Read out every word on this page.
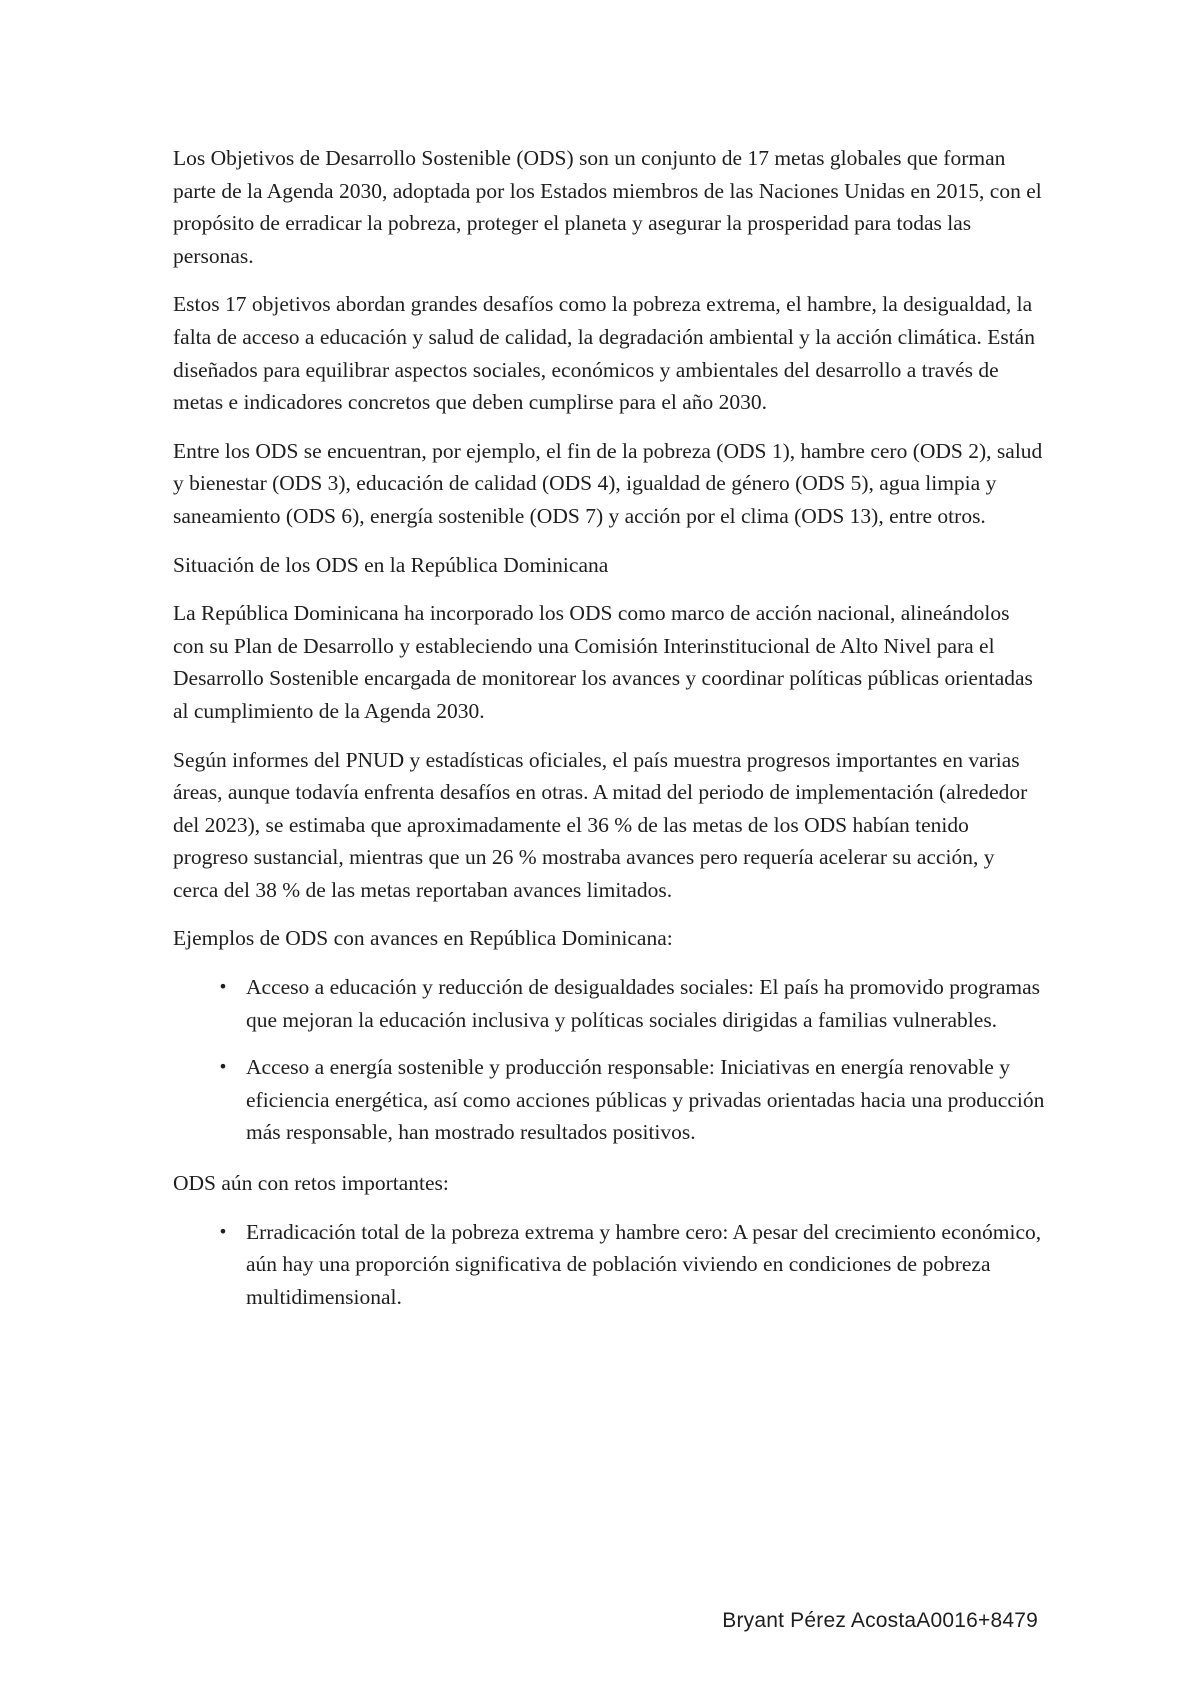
Los Objetivos de Desarrollo Sostenible (ODS) son un conjunto de 17 metas globales que forman parte de la Agenda 2030, adoptada por los Estados miembros de las Naciones Unidas en 2015, con el propósito de erradicar la pobreza, proteger el planeta y asegurar la prosperidad para todas las personas.

Estos 17 objetivos abordan grandes desafíos como la pobreza extrema, el hambre, la desigualdad, la falta de acceso a educación y salud de calidad, la degradación ambiental y la acción climática. Están diseñados para equilibrar aspectos sociales, económicos y ambientales del desarrollo a través de metas e indicadores concretos que deben cumplirse para el año 2030.

Entre los ODS se encuentran, por ejemplo, el fin de la pobreza (ODS 1), hambre cero (ODS 2), salud y bienestar (ODS 3), educación de calidad (ODS 4), igualdad de género (ODS 5), agua limpia y saneamiento (ODS 6), energía sostenible (ODS 7) y acción por el clima (ODS 13), entre otros.

Situación de los ODS en la República Dominicana

La República Dominicana ha incorporado los ODS como marco de acción nacional, alineándolos con su Plan de Desarrollo y estableciendo una Comisión Interinstitucional de Alto Nivel para el Desarrollo Sostenible encargada de monitorear los avances y coordinar políticas públicas orientadas al cumplimiento de la Agenda 2030.

Según informes del PNUD y estadísticas oficiales, el país muestra progresos importantes en varias áreas, aunque todavía enfrenta desafíos en otras. A mitad del periodo de implementación (alrededor del 2023), se estimaba que aproximadamente el 36 % de las metas de los ODS habían tenido progreso sustancial, mientras que un 26 % mostraba avances pero requería acelerar su acción, y cerca del 38 % de las metas reportaban avances limitados.

Ejemplos de ODS con avances en República Dominicana:

• Acceso a educación y reducción de desigualdades sociales: El país ha promovido programas que mejoran la educación inclusiva y políticas sociales dirigidas a familias vulnerables.
• Acceso a energía sostenible y producción responsable: Iniciativas en energía renovable y eficiencia energética, así como acciones públicas y privadas orientadas hacia una producción más responsable, han mostrado resultados positivos.

ODS aún con retos importantes:

• Erradicación total de la pobreza extrema y hambre cero: A pesar del crecimiento económico, aún hay una proporción significativa de población viviendo en condiciones de pobreza multidimensional.
Bryant Pérez AcostaA0016+8479
